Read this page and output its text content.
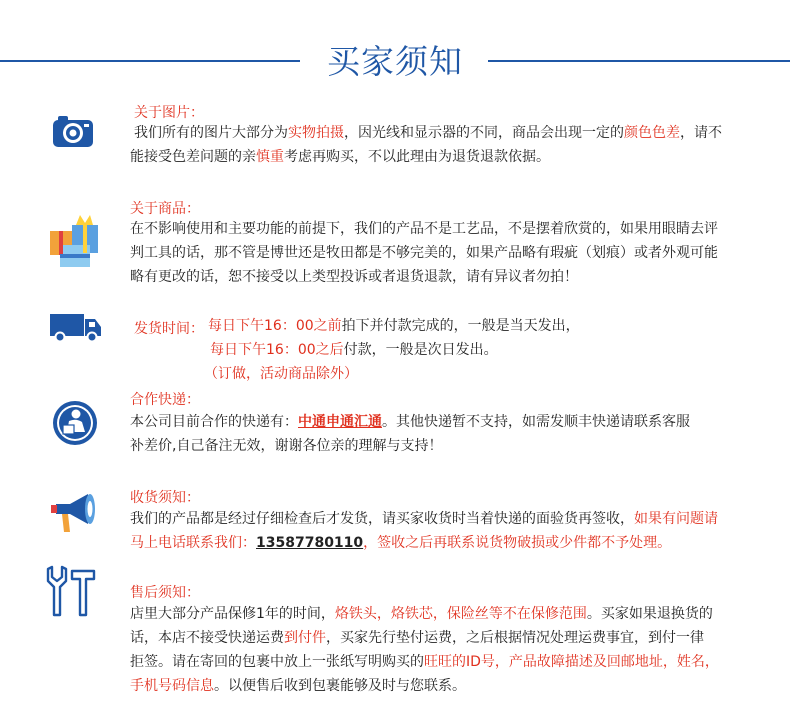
买家须知
关于图片：
我们所有的图片大部分为实物拍摄，因光线和显示器的不同，商品会出现一定的颜色色差，请不
能接受色差问题的亲慎重考虑再购买，不以此理由为退货退款依据。
关于商品：
在不影响使用和主要功能的前提下，我们的产品不是工艺品，不是摆着欣赏的，如果用眼睛去评
判工具的话，那不管是博世还是牧田都是不够完美的，如果产品略有瑕疵（划痕）或者外观可能
略有更改的话，恕不接受以上类型投诉或者退货退款，请有异议者勿拍！
发货时间： 每日下午16：00之前拍下并付款完成的，一般是当天发出，
每日下午16：00之后付款，一般是次日发出。
（订做，活动商品除外）
合作快递：
本公司目前合作的快递有：中通申通汇通。其他快递暂不支持，如需发顺丰快递请联系客服
补差价,自己备注无效，谢谢各位亲的理解与支持！
收货须知：
我们的产品都是经过仔细检查后才发货，请买家收货时当着快递的面验货再签收，如果有问题请
马上电话联系我们：13587780110，签收之后再联系说货物破损或少件都不予处理。
售后须知：
店里大部分产品保修1年的时间，烙铁头，烙铁芯，保险丝等不在保修范围。买家如果退换货的
话，本店不接受快递运费到付件，买家先行垫付运费，之后根据情况处理运费事宜，到付一律
拒签。请在寄回的包裹中放上一张纸写明购买的旺旺的ID号，产品故障描述及回邮地址，姓名，
手机号码信息。以便售后收到包裹能够及时与您联系。
